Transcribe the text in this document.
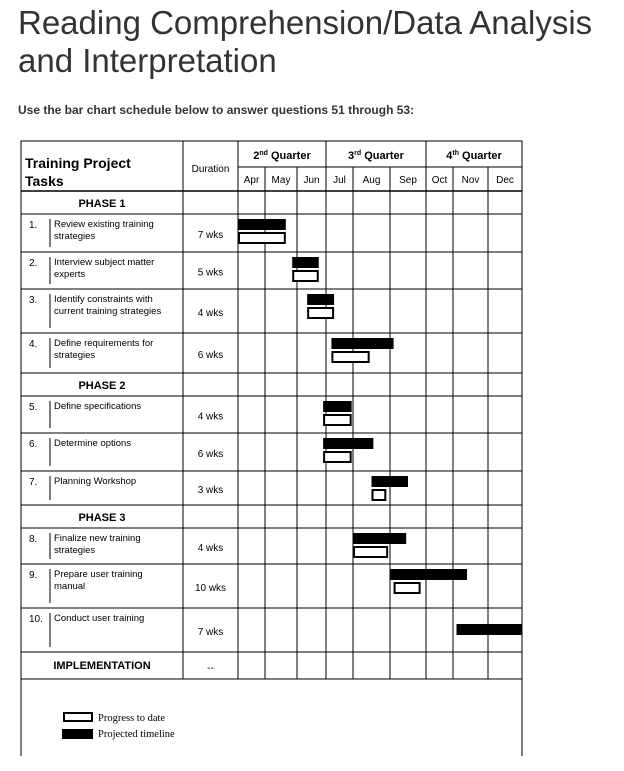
Reading Comprehension/Data Analysis and Interpretation
Use the bar chart schedule below to answer questions 51 through 53:
Training Project
Tasks
Duration
2nd Quarter	3rd Quarter	4th Quarter
Apr May Jun Jul Aug Sep Oct Nov Dec
PHASE 1
1. Review existing training
strategies	7 wks
2. Interview subject matter
experts	5 wks
3. Identify constraints with
current training strategies	4 wks
4. Define requirements for
strategies	6 wks
PHASE 2
5. Define specifications
4 wks
6. Determine options
6 wks
7. Planning Workshop
3 wks
PHASE 3
8. Finalize new training
strategies	4 wks
9. Prepare user training
manual	10 wks
10. Conduct user training
7 wks
IMPLEMENTATION	--
Progress to date
Projected timeline
